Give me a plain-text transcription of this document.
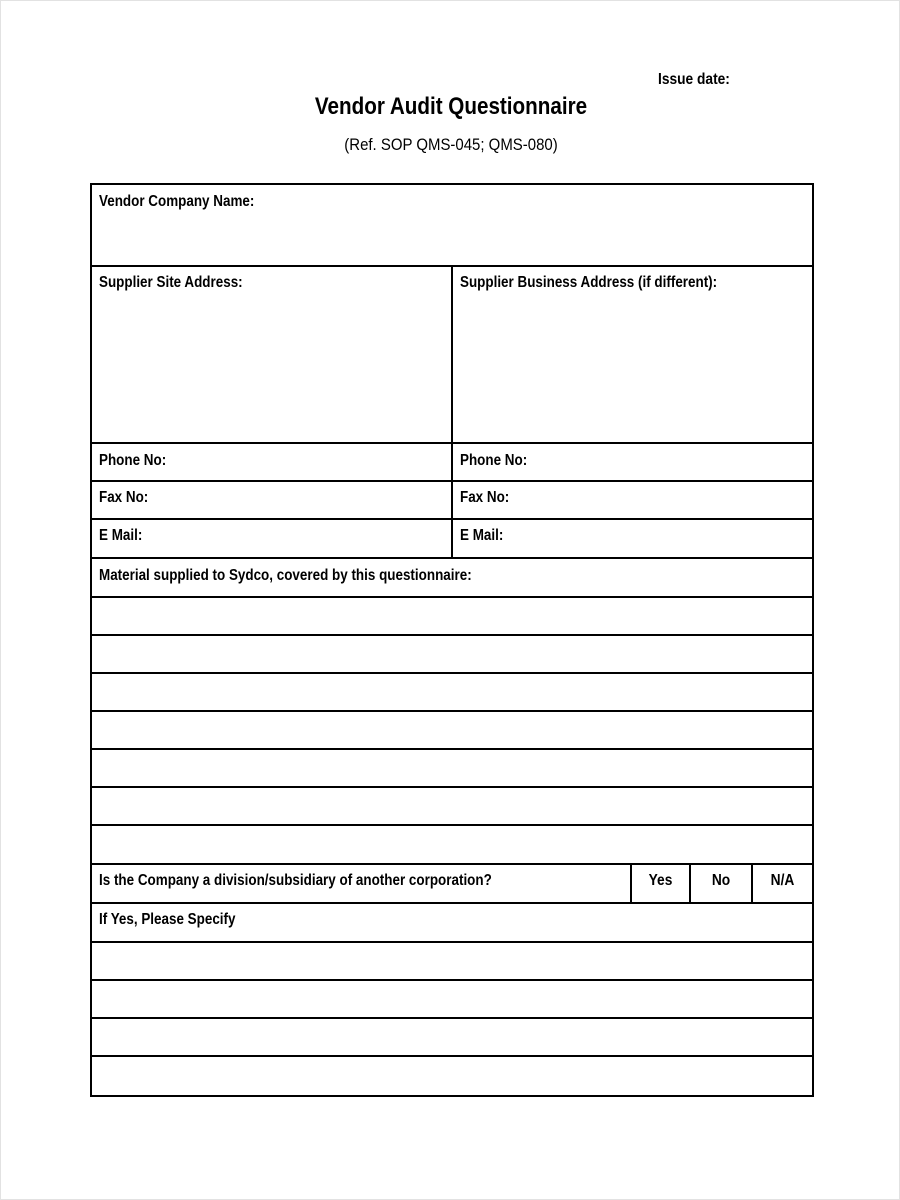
Issue date:
Vendor Audit Questionnaire
(Ref. SOP QMS-045; QMS-080)
Vendor Company Name:
Supplier Site Address:	Supplier Business Address (if different):
Phone No:	Phone No:
Fax No:	Fax No:
E Mail:	E Mail:
Material supplied to Sydco, covered by this questionnaire:
Is the Company a division/subsidiary of another corporation?	Yes	No	N/A
If Yes, Please Specify
